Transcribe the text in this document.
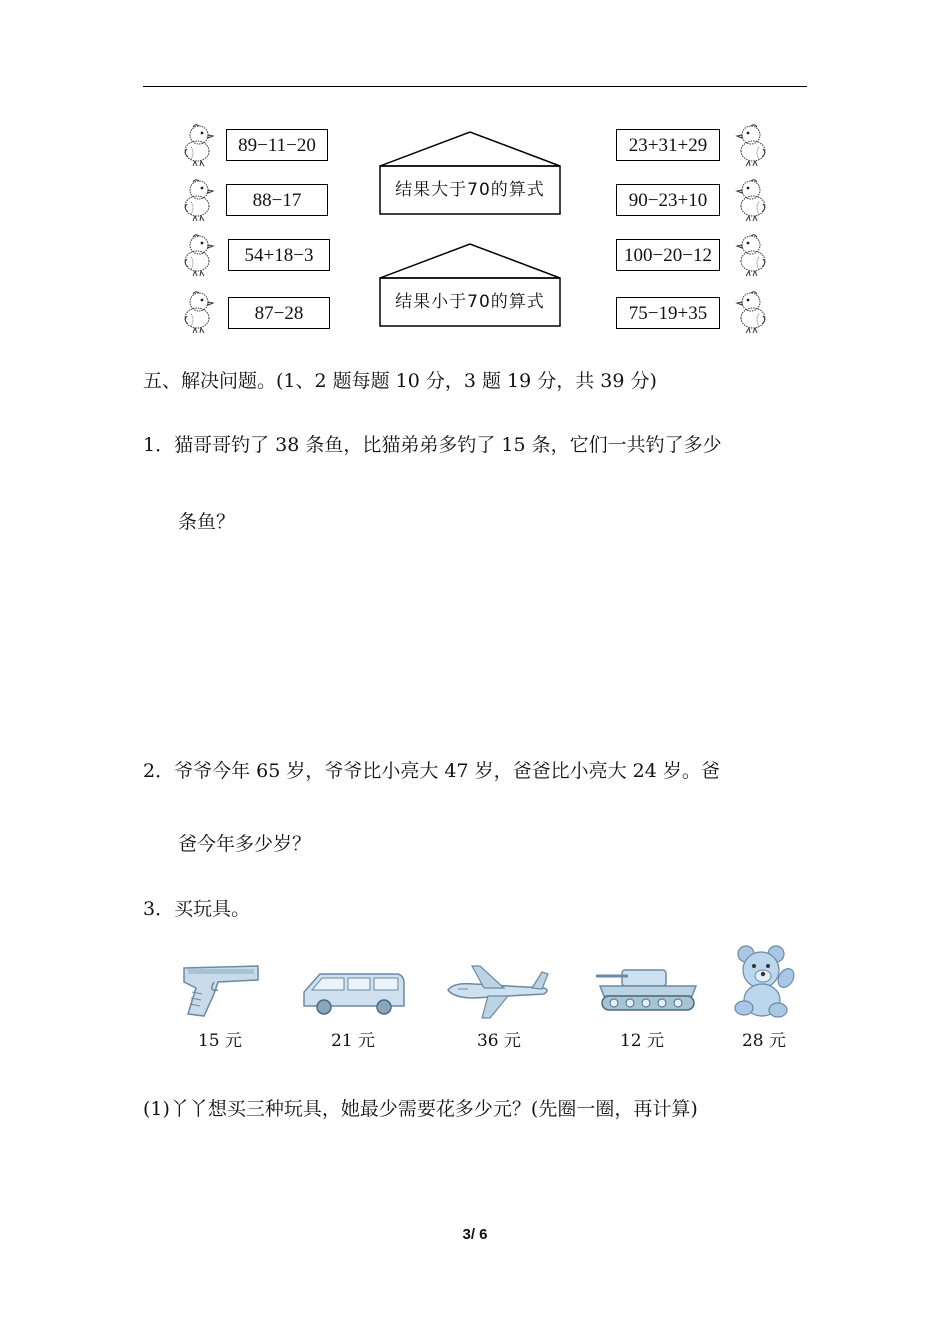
89−11−20
88−17
54+18−3
87−28
23+31+29
90−23+10
100−20−12
75−19+35
结果大于70的算式
结果小于70的算式
五、解决问题。(1、2 题每题 10 分，3 题 19 分，共 39 分)
1．猫哥哥钓了 38 条鱼，比猫弟弟多钓了 15 条，它们一共钓了多少
条鱼？
2．爷爷今年 65 岁，爷爷比小亮大 47 岁，爸爸比小亮大 24 岁。爸
爸今年多少岁？
3．买玩具。
15 元	21 元	36 元	12 元	28 元
(1)丫丫想买三种玩具，她最少需要花多少元？(先圈一圈，再计算)
3/ 6
